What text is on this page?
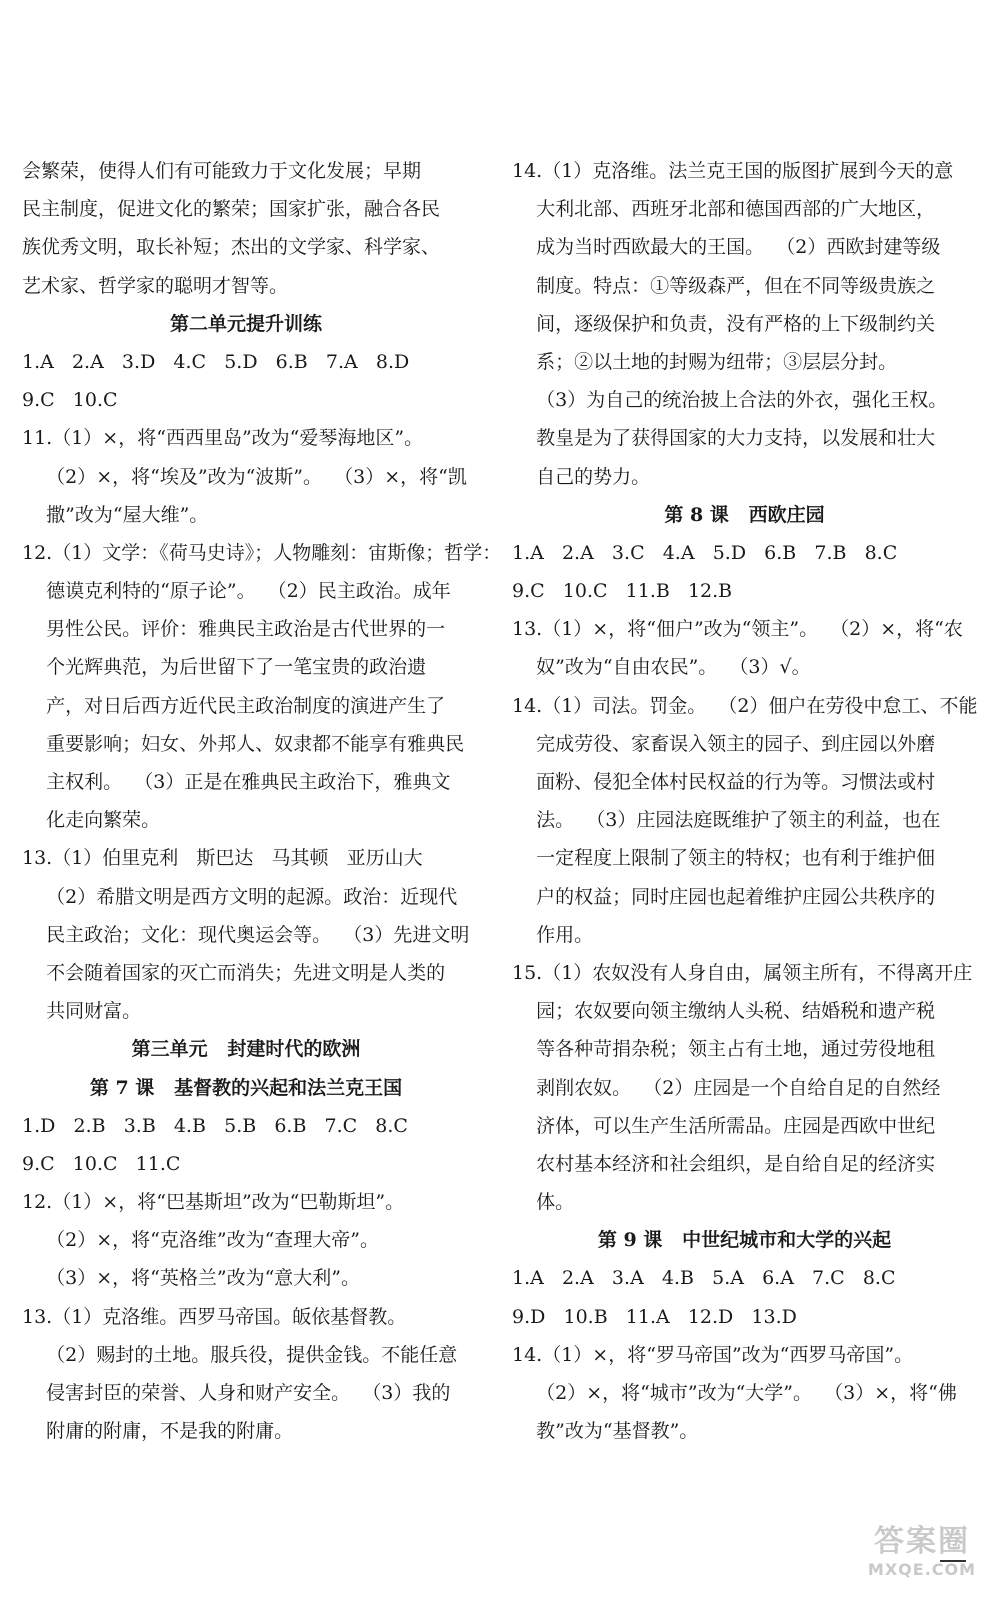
会繁荣，使得人们有可能致力于文化发展；早期
民主制度，促进文化的繁荣；国家扩张，融合各民
族优秀文明，取长补短；杰出的文学家、科学家、
艺术家、哲学家的聪明才智等。
第二单元提升训练
1.A   2.A   3.D   4.C   5.D   6.B   7.A   8.D
9.C   10.C
11.（1）×，将“西西里岛”改为“爱琴海地区”。
（2）×，将“埃及”改为“波斯”。  （3）×，将“凯
撒”改为“屋大维”。
12.（1）文学：《荷马史诗》；人物雕刻：宙斯像；哲学：
德谟克利特的“原子论”。  （2）民主政治。成年
男性公民。评价：雅典民主政治是古代世界的一
个光辉典范，为后世留下了一笔宝贵的政治遗
产，对日后西方近代民主政治制度的演进产生了
重要影响；妇女、外邦人、奴隶都不能享有雅典民
主权利。  （3）正是在雅典民主政治下，雅典文
化走向繁荣。
13.（1）伯里克利   斯巴达   马其顿   亚历山大
（2）希腊文明是西方文明的起源。政治：近现代
民主政治；文化：现代奥运会等。  （3）先进文明
不会随着国家的灭亡而消失；先进文明是人类的
共同财富。
第三单元   封建时代的欧洲
第 7 课   基督教的兴起和法兰克王国
1.D   2.B   3.B   4.B   5.B   6.B   7.C   8.C
9.C   10.C   11.C
12.（1）×，将“巴基斯坦”改为“巴勒斯坦”。
（2）×，将“克洛维”改为“查理大帝”。
（3）×，将“英格兰”改为“意大利”。
13.（1）克洛维。西罗马帝国。皈依基督教。
（2）赐封的土地。服兵役，提供金钱。不能任意
侵害封臣的荣誉、人身和财产安全。  （3）我的
附庸的附庸，不是我的附庸。
14.（1）克洛维。法兰克王国的版图扩展到今天的意
大利北部、西班牙北部和德国西部的广大地区，
成为当时西欧最大的王国。  （2）西欧封建等级
制度。特点：①等级森严，但在不同等级贵族之
间，逐级保护和负责，没有严格的上下级制约关
系；②以土地的封赐为纽带；③层层分封。
（3）为自己的统治披上合法的外衣，强化王权。
教皇是为了获得国家的大力支持，以发展和壮大
自己的势力。
第 8 课   西欧庄园
1.A   2.A   3.C   4.A   5.D   6.B   7.B   8.C
9.C   10.C   11.B   12.B
13.（1）×，将“佃户”改为“领主”。  （2）×，将“农
奴”改为“自由农民”。  （3）√。
14.（1）司法。罚金。  （2）佃户在劳役中怠工、不能
完成劳役、家畜误入领主的园子、到庄园以外磨
面粉、侵犯全体村民权益的行为等。习惯法或村
法。  （3）庄园法庭既维护了领主的利益，也在
一定程度上限制了领主的特权；也有利于维护佃
户的权益；同时庄园也起着维护庄园公共秩序的
作用。
15.（1）农奴没有人身自由，属领主所有，不得离开庄
园；农奴要向领主缴纳人头税、结婚税和遗产税
等各种苛捐杂税；领主占有土地，通过劳役地租
剥削农奴。  （2）庄园是一个自给自足的自然经
济体，可以生产生活所需品。庄园是西欧中世纪
农村基本经济和社会组织，是自给自足的经济实
体。
第 9 课   中世纪城市和大学的兴起
1.A   2.A   3.A   4.B   5.A   6.A   7.C   8.C
9.D   10.B   11.A   12.D   13.D
14.（1）×，将“罗马帝国”改为“西罗马帝国”。
（2）×，将“城市”改为“大学”。  （3）×，将“佛
教”改为“基督教”。
答案圈
MXQE.COM
